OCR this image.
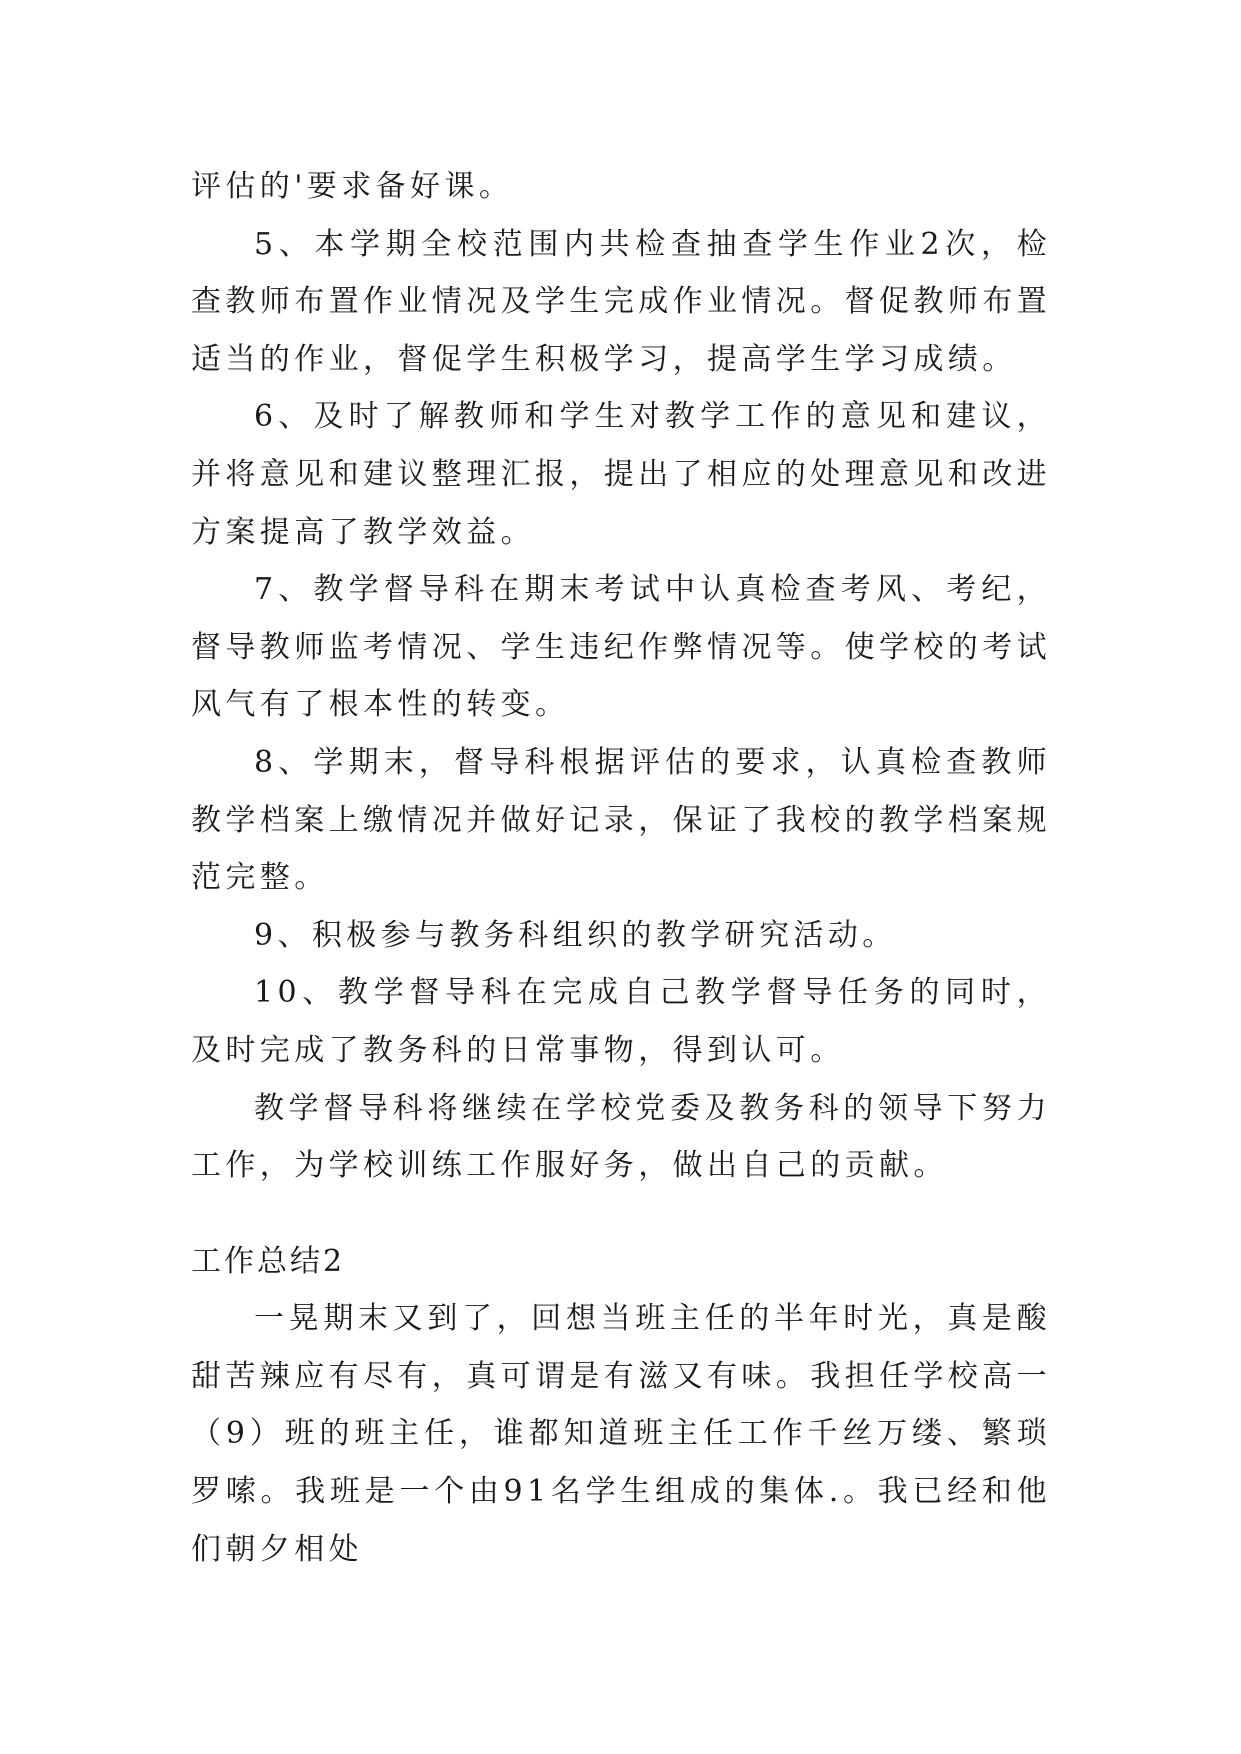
评估的'要求备好课。

5、本学期全校范围内共检查抽查学生作业2次，检查教师布置作业情况及学生完成作业情况。督促教师布置适当的作业，督促学生积极学习，提高学生学习成绩。

6、及时了解教师和学生对教学工作的意见和建议，并将意见和建议整理汇报，提出了相应的处理意见和改进方案提高了教学效益。

7、教学督导科在期末考试中认真检查考风、考纪，督导教师监考情况、学生违纪作弊情况等。使学校的考试风气有了根本性的转变。

8、学期末，督导科根据评估的要求，认真检查教师教学档案上缴情况并做好记录，保证了我校的教学档案规范完整。

9、积极参与教务科组织的教学研究活动。

10、教学督导科在完成自己教学督导任务的同时，及时完成了教务科的日常事物，得到认可。

教学督导科将继续在学校党委及教务科的领导下努力工作，为学校训练工作服好务，做出自己的贡献。

工作总结2

一晃期末又到了，回想当班主任的半年时光，真是酸甜苦辣应有尽有，真可谓是有滋又有味。我担任学校高一（9）班的班主任，谁都知道班主任工作千丝万缕、繁琐罗嗦。我班是一个由91名学生组成的集体.。我已经和他们朝夕相处
